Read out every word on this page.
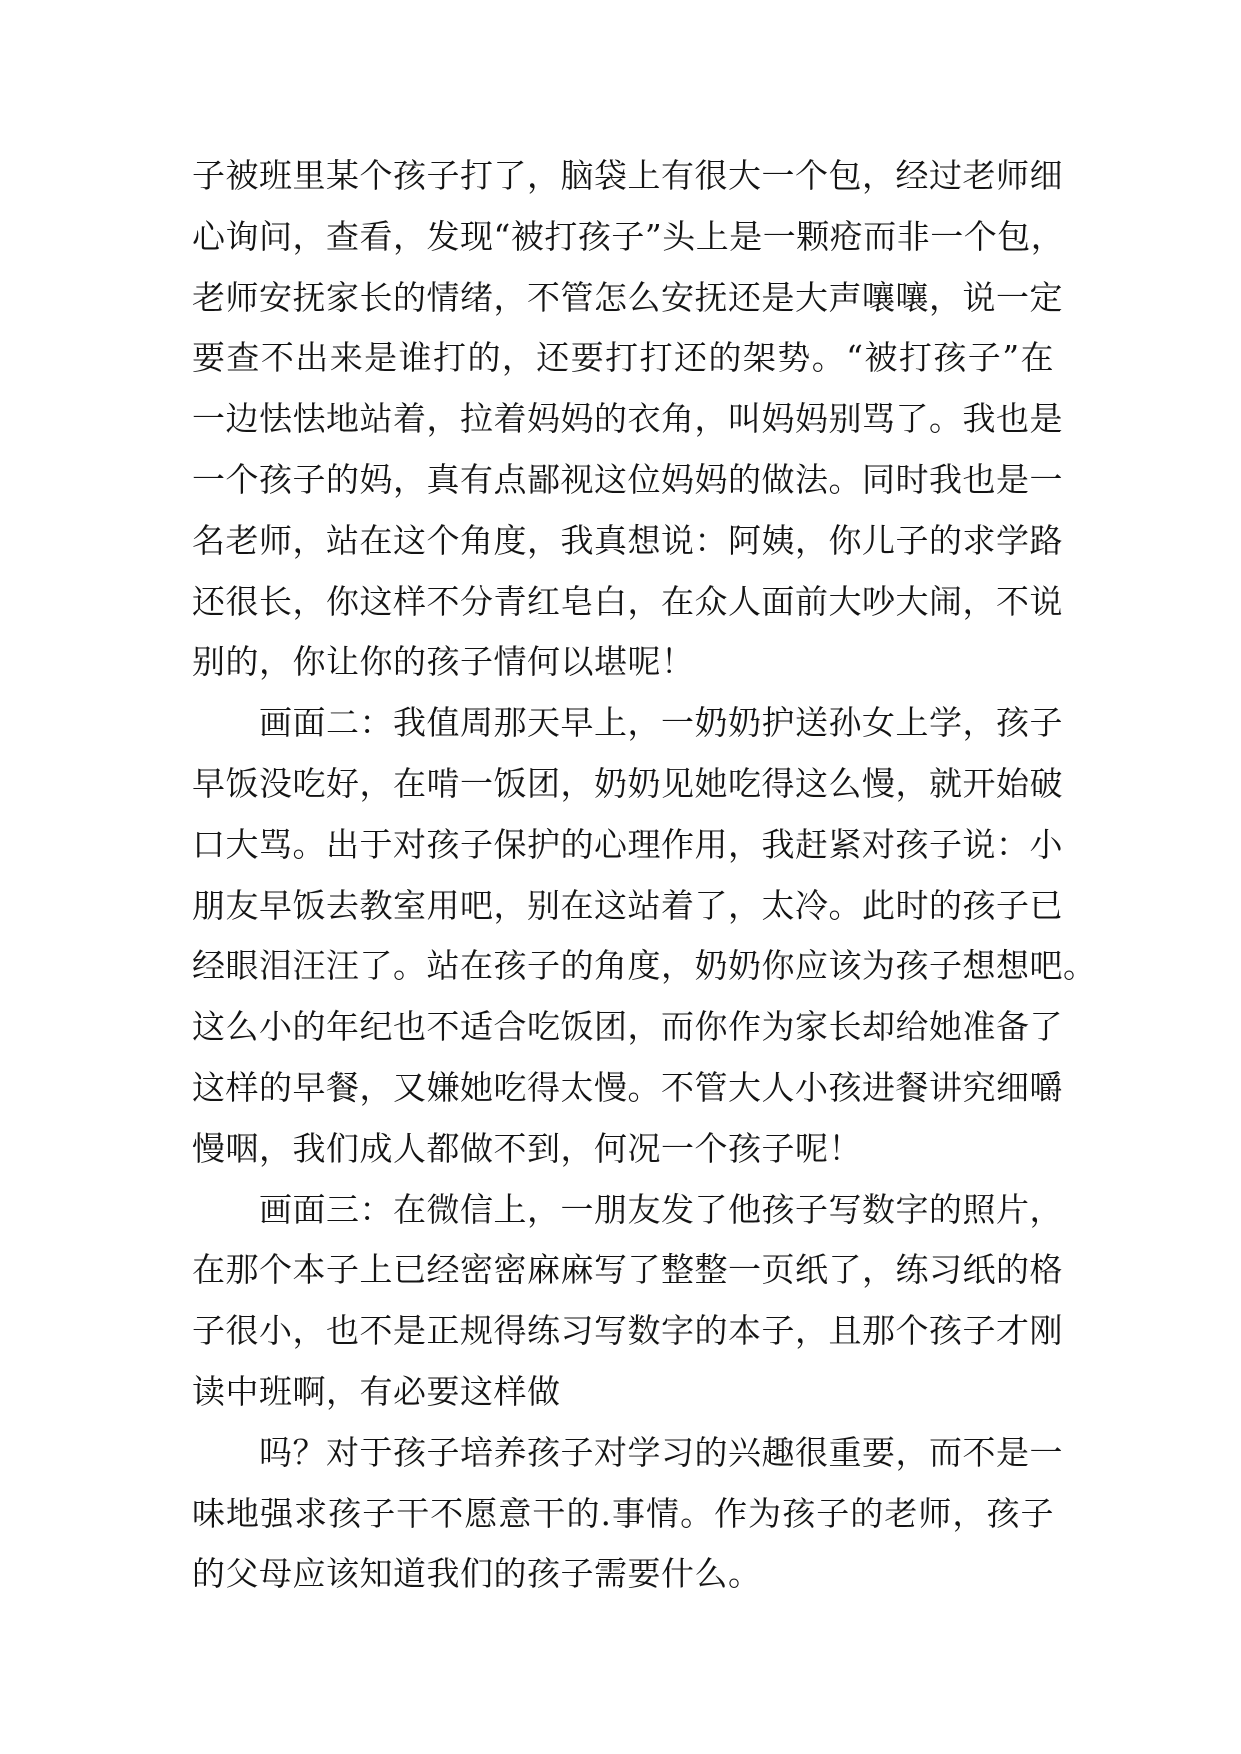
子被班里某个孩子打了，脑袋上有很大一个包，经过老师细
心询问，查看，发现“被打孩子”头上是一颗疮而非一个包，
老师安抚家长的情绪，不管怎么安抚还是大声嚷嚷，说一定
要查不出来是谁打的，还要打打还的架势。“被打孩子”在
一边怯怯地站着，拉着妈妈的衣角，叫妈妈别骂了。我也是
一个孩子的妈，真有点鄙视这位妈妈的做法。同时我也是一
名老师，站在这个角度，我真想说：阿姨，你儿子的求学路
还很长，你这样不分青红皂白，在众人面前大吵大闹，不说
别的，你让你的孩子情何以堪呢！
画面二：我值周那天早上，一奶奶护送孙女上学，孩子
早饭没吃好，在啃一饭团，奶奶见她吃得这么慢，就开始破
口大骂。出于对孩子保护的心理作用，我赶紧对孩子说：小
朋友早饭去教室用吧，别在这站着了，太冷。此时的孩子已
经眼泪汪汪了。站在孩子的角度，奶奶你应该为孩子想想吧。
这么小的年纪也不适合吃饭团，而你作为家长却给她准备了
这样的早餐，又嫌她吃得太慢。不管大人小孩进餐讲究细嚼
慢咽，我们成人都做不到，何况一个孩子呢！
画面三：在微信上，一朋友发了他孩子写数字的照片，
在那个本子上已经密密麻麻写了整整一页纸了，练习纸的格
子很小，也不是正规得练习写数字的本子，且那个孩子才刚
读中班啊，有必要这样做
吗？对于孩子培养孩子对学习的兴趣很重要，而不是一
味地强求孩子干不愿意干的.事情。作为孩子的老师，孩子
的父母应该知道我们的孩子需要什么。
